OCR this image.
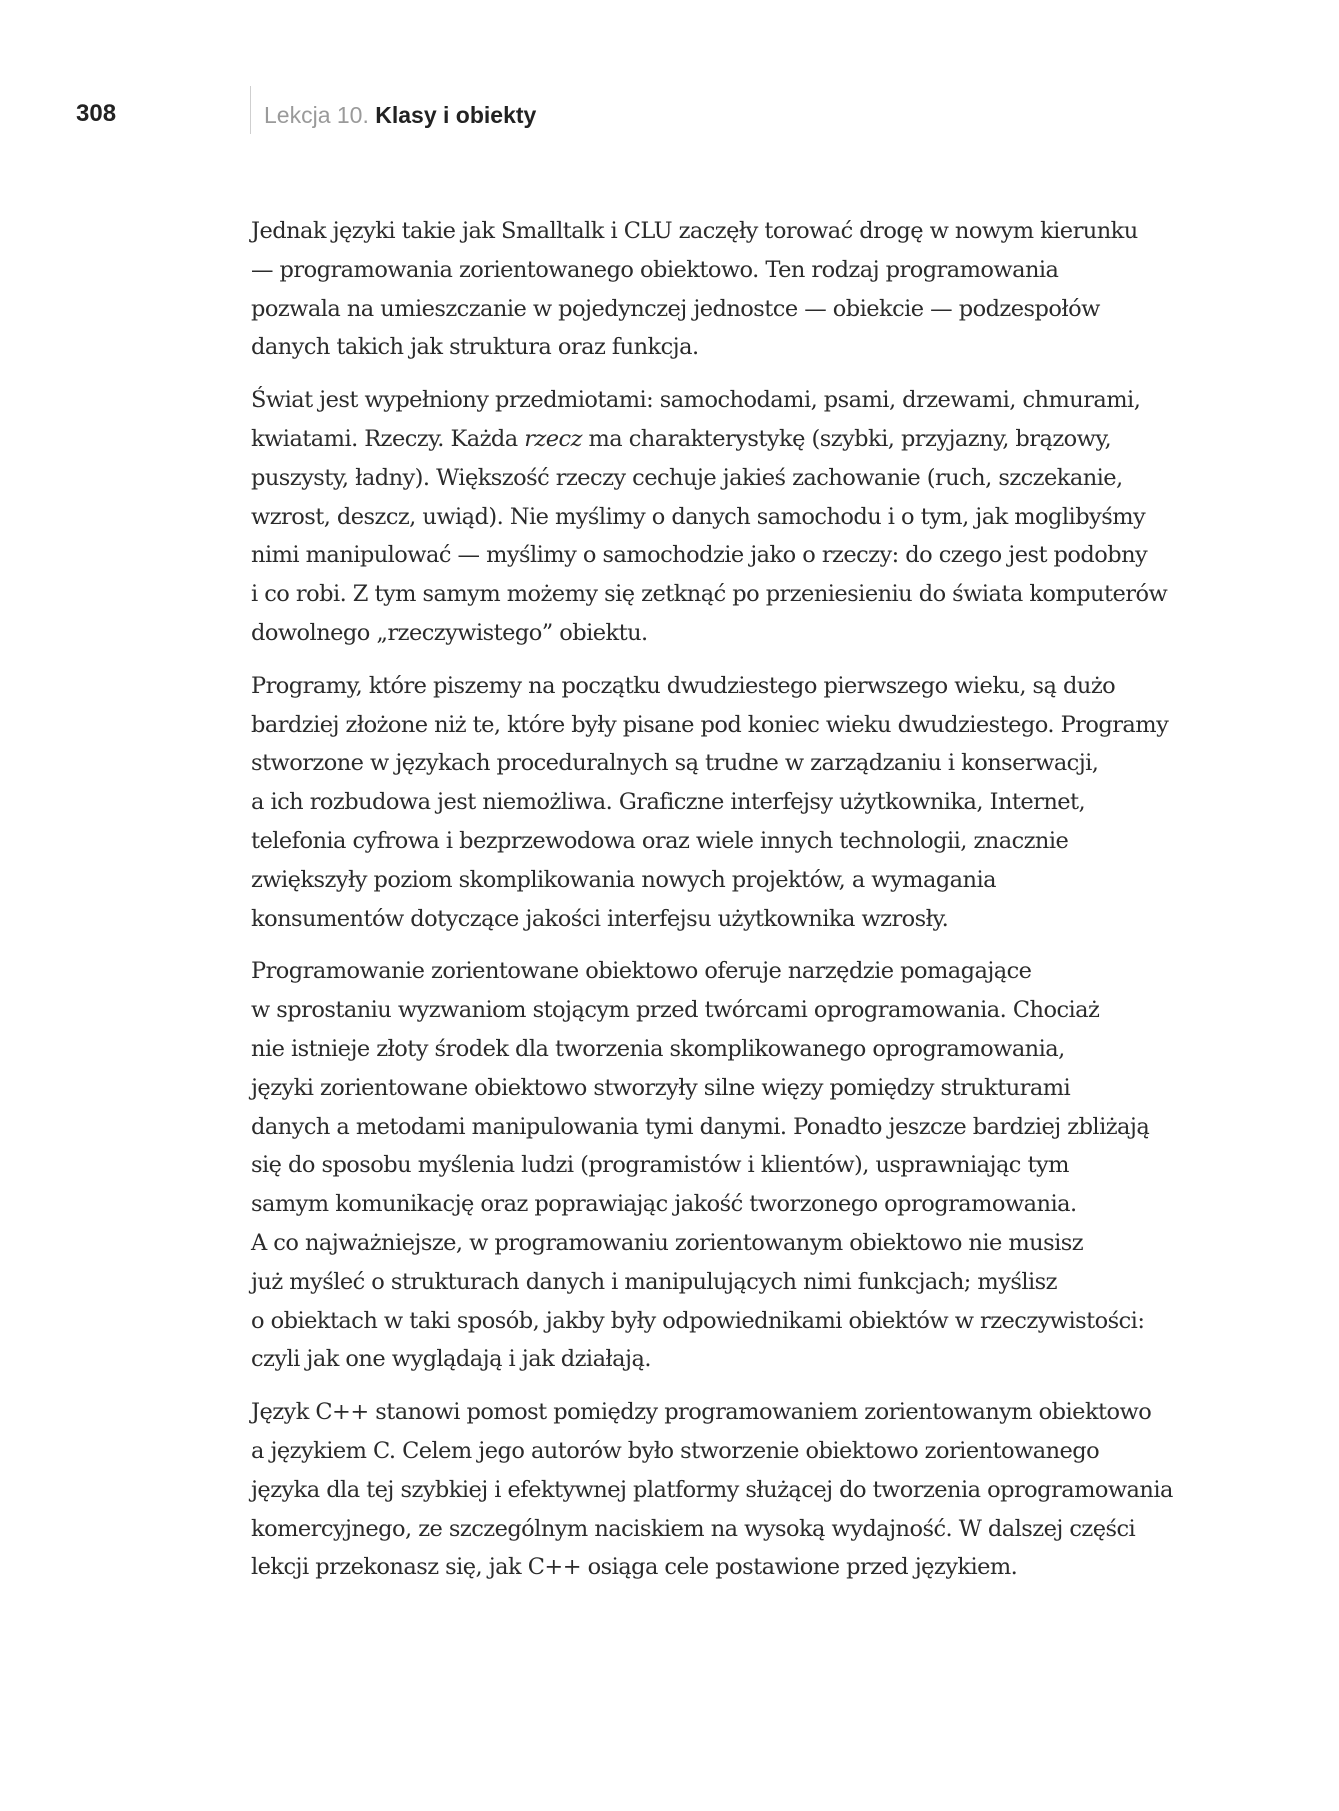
308	Lekcja 10. Klasy i obiekty

Jednak języki takie jak Smalltalk i CLU zaczęły torować drogę w nowym kierunku
— programowania zorientowanego obiektowo. Ten rodzaj programowania
pozwala na umieszczanie w pojedynczej jednostce — obiekcie — podzespołów
danych takich jak struktura oraz funkcja.

Świat jest wypełniony przedmiotami: samochodami, psami, drzewami, chmurami,
kwiatami. Rzeczy. Każda rzecz ma charakterystykę (szybki, przyjazny, brązowy,
puszysty, ładny). Większość rzeczy cechuje jakieś zachowanie (ruch, szczekanie,
wzrost, deszcz, uwiąd). Nie myślimy o danych samochodu i o tym, jak moglibyśmy
nimi manipulować — myślimy o samochodzie jako o rzeczy: do czego jest podobny
i co robi. Z tym samym możemy się zetknąć po przeniesieniu do świata komputerów
dowolnego „rzeczywistego” obiektu.

Programy, które piszemy na początku dwudziestego pierwszego wieku, są dużo
bardziej złożone niż te, które były pisane pod koniec wieku dwudziestego. Programy
stworzone w językach proceduralnych są trudne w zarządzaniu i konserwacji,
a ich rozbudowa jest niemożliwa. Graficzne interfejsy użytkownika, Internet,
telefonia cyfrowa i bezprzewodowa oraz wiele innych technologii, znacznie
zwiększyły poziom skomplikowania nowych projektów, a wymagania
konsumentów dotyczące jakości interfejsu użytkownika wzrosły.

Programowanie zorientowane obiektowo oferuje narzędzie pomagające
w sprostaniu wyzwaniom stojącym przed twórcami oprogramowania. Chociaż
nie istnieje złoty środek dla tworzenia skomplikowanego oprogramowania,
języki zorientowane obiektowo stworzyły silne więzy pomiędzy strukturami
danych a metodami manipulowania tymi danymi. Ponadto jeszcze bardziej zbliżają
się do sposobu myślenia ludzi (programistów i klientów), usprawniając tym
samym komunikację oraz poprawiając jakość tworzonego oprogramowania.
A co najważniejsze, w programowaniu zorientowanym obiektowo nie musisz
już myśleć o strukturach danych i manipulujących nimi funkcjach; myślisz
o obiektach w taki sposób, jakby były odpowiednikami obiektów w rzeczywistości:
czyli jak one wyglądają i jak działają.

Język C++ stanowi pomost pomiędzy programowaniem zorientowanym obiektowo
a językiem C. Celem jego autorów było stworzenie obiektowo zorientowanego
języka dla tej szybkiej i efektywnej platformy służącej do tworzenia oprogramowania
komercyjnego, ze szczególnym naciskiem na wysoką wydajność. W dalszej części
lekcji przekonasz się, jak C++ osiąga cele postawione przed językiem.
